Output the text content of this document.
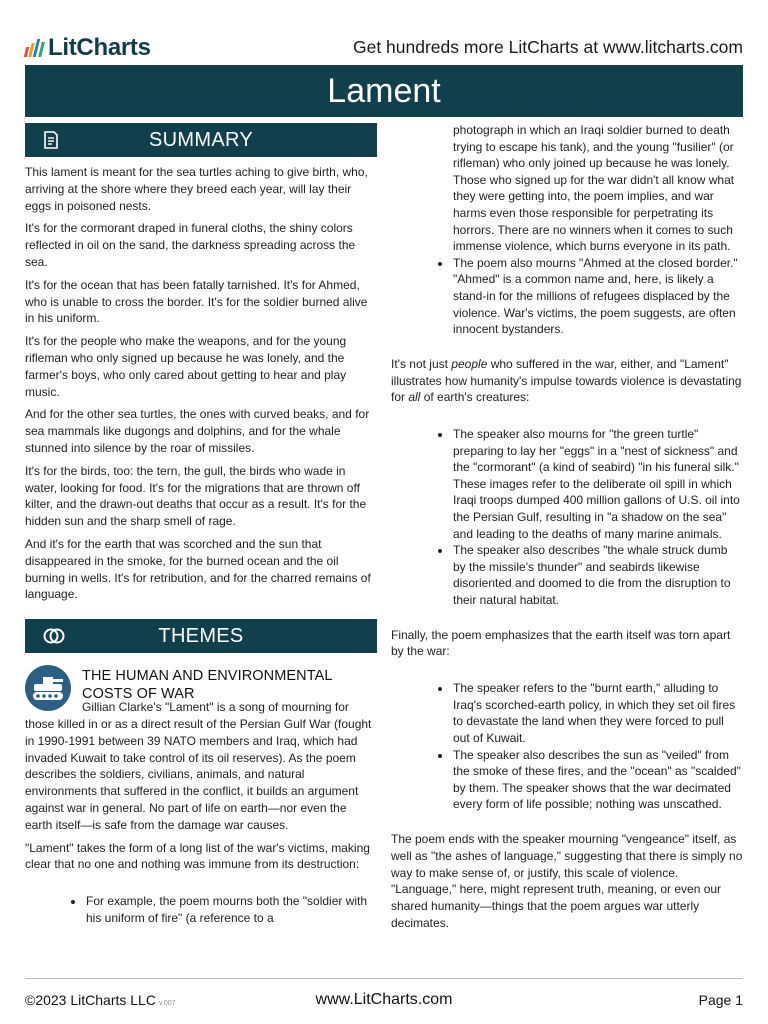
LitCharts	Get hundreds more LitCharts at www.litcharts.com
Lament
SUMMARY

This lament is meant for the sea turtles aching to give birth, who, arriving at the shore where they breed each year, will lay their eggs in poisoned nests.

It's for the cormorant draped in funeral cloths, the shiny colors reflected in oil on the sand, the darkness spreading across the sea.

It's for the ocean that has been fatally tarnished. It's for Ahmed, who is unable to cross the border. It's for the soldier burned alive in his uniform.

It's for the people who make the weapons, and for the young rifleman who only signed up because he was lonely, and the farmer's boys, who only cared about getting to hear and play music.

And for the other sea turtles, the ones with curved beaks, and for sea mammals like dugongs and dolphins, and for the whale stunned into silence by the roar of missiles.

It's for the birds, too: the tern, the gull, the birds who wade in water, looking for food. It's for the migrations that are thrown off kilter, and the drawn-out deaths that occur as a result. It's for the hidden sun and the sharp smell of rage.

And it's for the earth that was scorched and the sun that disappeared in the smoke, for the burned ocean and the oil burning in wells. It's for retribution, and for the charred remains of language.

THEMES
THE HUMAN AND ENVIRONMENTAL COSTS OF WAR

Gillian Clarke's "Lament" is a song of mourning for those killed in or as a direct result of the Persian Gulf War (fought in 1990-1991 between 39 NATO members and Iraq, which had invaded Kuwait to take control of its oil reserves). As the poem describes the soldiers, civilians, animals, and natural environments that suffered in the conflict, it builds an argument against war in general. No part of life on earth—nor even the earth itself—is safe from the damage war causes.

"Lament" takes the form of a long list of the war's victims, making clear that no one and nothing was immune from its destruction:

For example, the poem mourns both the "soldier with his uniform of fire" (a reference to a
photograph in which an Iraqi soldier burned to death trying to escape his tank), and the young "fusilier" (or rifleman) who only joined up because he was lonely. Those who signed up for the war didn't all know what they were getting into, the poem implies, and war harms even those responsible for perpetrating its horrors. There are no winners when it comes to such immense violence, which burns everyone in its path.
The poem also mourns "Ahmed at the closed border." "Ahmed" is a common name and, here, is likely a stand-in for the millions of refugees displaced by the violence. War's victims, the poem suggests, are often innocent bystanders.

It's not just people who suffered in the war, either, and "Lament" illustrates how humanity's impulse towards violence is devastating for all of earth's creatures:

The speaker also mourns for "the green turtle" preparing to lay her "eggs" in a "nest of sickness" and the "cormorant" (a kind of seabird) "in his funeral silk." These images refer to the deliberate oil spill in which Iraqi troops dumped 400 million gallons of U.S. oil into the Persian Gulf, resulting in "a shadow on the sea" and leading to the deaths of many marine animals.
The speaker also describes "the whale struck dumb by the missile's thunder" and seabirds likewise disoriented and doomed to die from the disruption to their natural habitat.

Finally, the poem emphasizes that the earth itself was torn apart by the war:

The speaker refers to the "burnt earth," alluding to Iraq's scorched-earth policy, in which they set oil fires to devastate the land when they were forced to pull out of Kuwait.
The speaker also describes the sun as "veiled" from the smoke of these fires, and the "ocean" as "scalded" by them. The speaker shows that the war decimated every form of life possible; nothing was unscathed.

The poem ends with the speaker mourning "vengeance" itself, as well as "the ashes of language," suggesting that there is simply no way to make sense of, or justify, this scale of violence. "Language," here, might represent truth, meaning, or even our shared humanity—things that the poem argues war utterly decimates.

©2023 LitCharts LLC v.007	www.LitCharts.com	Page 1
